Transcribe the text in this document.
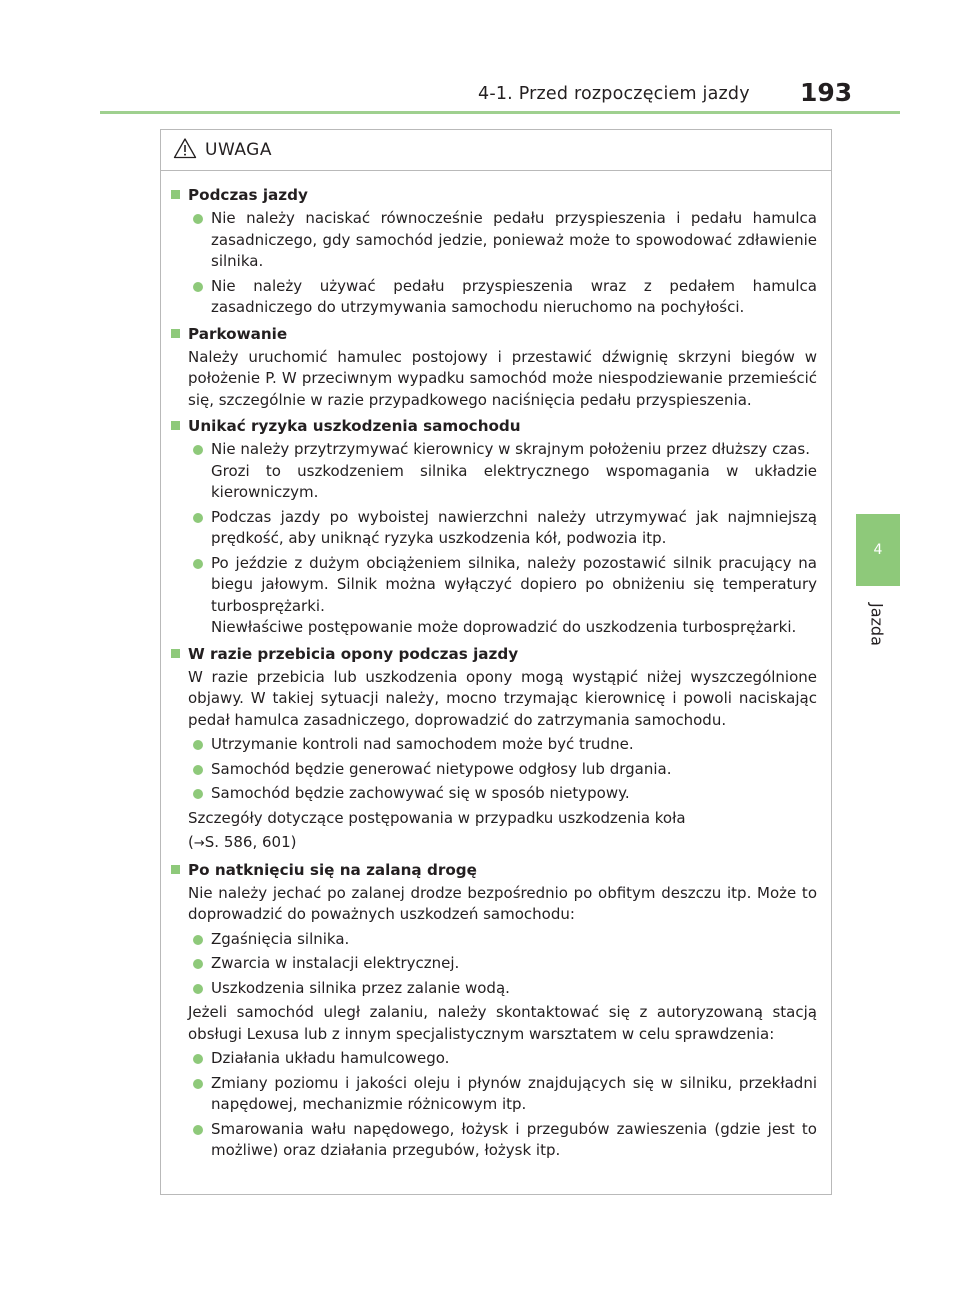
4-1. Przed rozpoczęciem jazdy 193
4
Jazda
UWAGA
Podczas jazdy
Nie należy naciskać równocześnie pedału przyspieszenia i pedału hamulca zasadniczego, gdy samochód jedzie, ponieważ może to spowodować zdławienie silnika.
Nie należy używać pedału przyspieszenia wraz z pedałem hamulca zasadniczego do utrzymywania samochodu nieruchomo na pochyłości.
Parkowanie
Należy uruchomić hamulec postojowy i przestawić dźwignię skrzyni biegów w położenie P. W przeciwnym wypadku samochód może niespodziewanie przemieścić się, szczególnie w razie przypadkowego naciśnięcia pedału przyspieszenia.
Unikać ryzyka uszkodzenia samochodu
Nie należy przytrzymywać kierownicy w skrajnym położeniu przez dłuższy czas.
Grozi to uszkodzeniem silnika elektrycznego wspomagania w układzie kierowniczym.
Podczas jazdy po wyboistej nawierzchni należy utrzymywać jak najmniejszą prędkość, aby uniknąć ryzyka uszkodzenia kół, podwozia itp.
Po jeździe z dużym obciążeniem silnika, należy pozostawić silnik pracujący na biegu jałowym. Silnik można wyłączyć dopiero po obniżeniu się temperatury turbosprężarki.
Niewłaściwe postępowanie może doprowadzić do uszkodzenia turbosprężarki.
W razie przebicia opony podczas jazdy
W razie przebicia lub uszkodzenia opony mogą wystąpić niżej wyszczególnione objawy. W takiej sytuacji należy, mocno trzymając kierownicę i powoli naciskając pedał hamulca zasadniczego, doprowadzić do zatrzymania samochodu.
Utrzymanie kontroli nad samochodem może być trudne.
Samochód będzie generować nietypowe odgłosy lub drgania.
Samochód będzie zachowywać się w sposób nietypowy.
Szczegóły dotyczące postępowania w przypadku uszkodzenia koła
(→S. 586, 601)
Po natknięciu się na zalaną drogę
Nie należy jechać po zalanej drodze bezpośrednio po obfitym deszczu itp. Może to doprowadzić do poważnych uszkodzeń samochodu:
Zgaśnięcia silnika.
Zwarcia w instalacji elektrycznej.
Uszkodzenia silnika przez zalanie wodą.
Jeżeli samochód uległ zalaniu, należy skontaktować się z autoryzowaną stacją obsługi Lexusa lub z innym specjalistycznym warsztatem w celu sprawdzenia:
Działania układu hamulcowego.
Zmiany poziomu i jakości oleju i płynów znajdujących się w silniku, przekładni napędowej, mechanizmie różnicowym itp.
Smarowania wału napędowego, łożysk i przegubów zawieszenia (gdzie jest to możliwe) oraz działania przegubów, łożysk itp.
